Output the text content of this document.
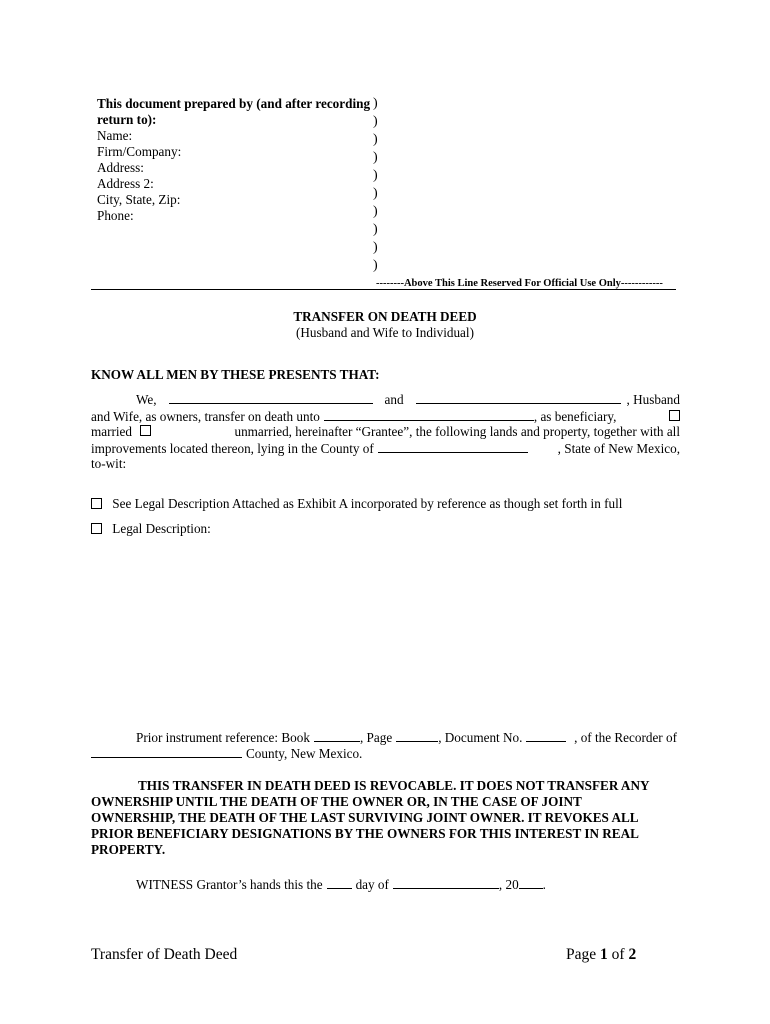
This document prepared by (and after recording
return to):
Name:
Firm/Company:
Address:
Address 2:
City, State, Zip:
Phone:
)
)
)
)
)
)
)
)
)
)
--------Above This Line Reserved For Official Use Only------------
TRANSFER ON DEATH DEED
(Husband and Wife to Individual)
KNOW ALL MEN BY THESE PRESENTS THAT:
We,	and	, Husband
and Wife, as owners, transfer on death unto	, as beneficiary,
married	unmarried, hereinafter “Grantee”, the following lands and property, together with all
improvements located thereon, lying in the County of	, State of New Mexico,
to-wit:
See Legal Description Attached as Exhibit A incorporated by reference as though set forth in full
Legal Description:
Prior instrument reference: Book	, Page	, Document No.	, of the Recorder of
County, New Mexico.
THIS TRANSFER IN DEATH DEED IS REVOCABLE. IT DOES NOT TRANSFER ANY
OWNERSHIP UNTIL THE DEATH OF THE OWNER OR, IN THE CASE OF JOINT
OWNERSHIP, THE DEATH OF THE LAST SURVIVING JOINT OWNER. IT REVOKES ALL
PRIOR BENEFICIARY DESIGNATIONS BY THE OWNERS FOR THIS INTEREST IN REAL
PROPERTY.
WITNESS Grantor’s hands this the	day of	, 20 .
Transfer of Death Deed	Page 1 of 2
